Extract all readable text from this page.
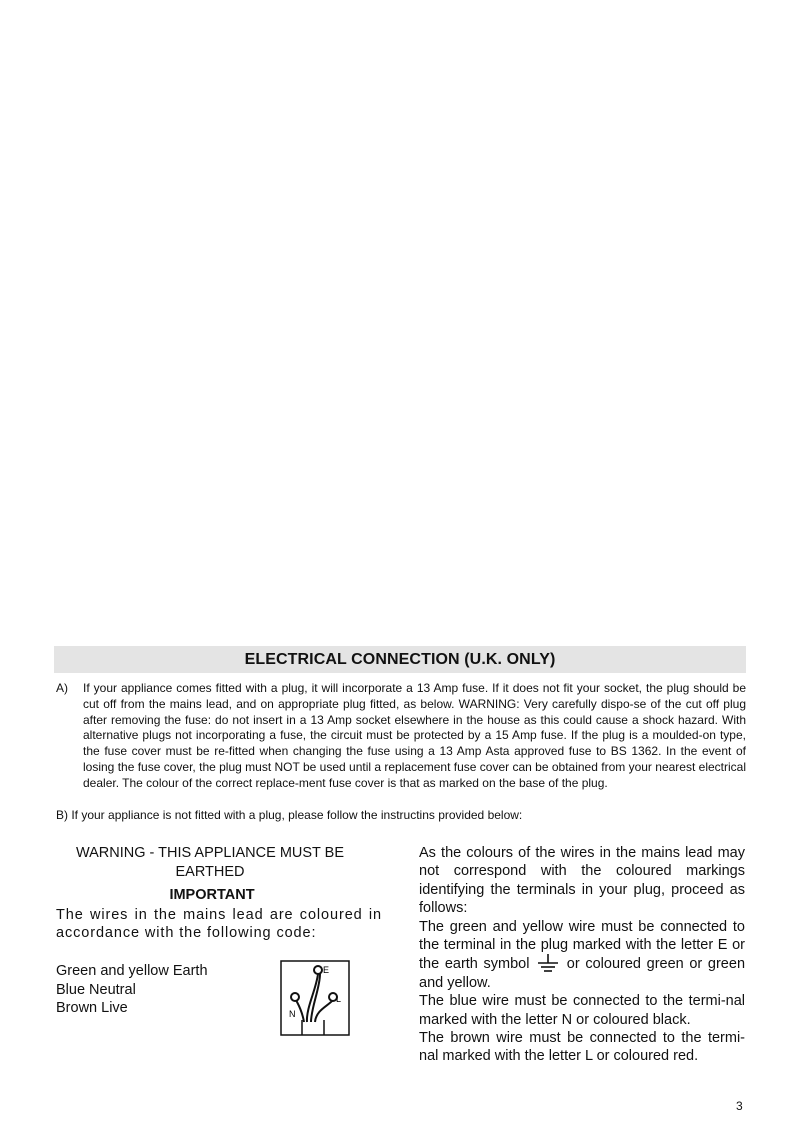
ELECTRICAL CONNECTION (U.K. ONLY)
A) If your appliance comes fitted with a plug, it will incorporate a 13 Amp fuse. If it does not fit your socket, the plug should be cut off from the mains lead, and on appropriate plug fitted, as below. WARNING: Very carefully dispo-se of the cut off plug after removing the fuse: do not insert in a 13 Amp socket elsewhere in the house as this could cause a shock hazard. With alternative plugs not incorporating a fuse, the circuit must be protected by a 15 Amp fuse. If the plug is a moulded-on type, the fuse cover must be re-fitted when changing the fuse using a 13 Amp Asta approved fuse to BS 1362. In the event of losing the fuse cover, the plug must NOT be used until a replacement fuse cover can be obtained from your nearest electrical dealer. The colour of the correct replace-ment fuse cover is that as marked on the base of the plug.
B) If your appliance is not fitted with a plug, please follow the instructins provided below:
WARNING - THIS APPLIANCE MUST BE EARTHED
IMPORTANT
The wires in the mains lead are coloured in accordance with the following code:
Green and yellow Earth
Blue Neutral
Brown Live
E
L
N

As the colours of the wires in the mains lead may not correspond with the coloured markings identifying the terminals in your plug, proceed as follows:

The green and yellow wire must be connected to the terminal in the plug marked with the letter E or the earth symbol	or coloured green or green and yellow.

The blue wire must be connected to the termi-nal marked with the letter N or coloured black.

The brown wire must be connected to the termi-nal marked with the letter L or coloured red.

3
